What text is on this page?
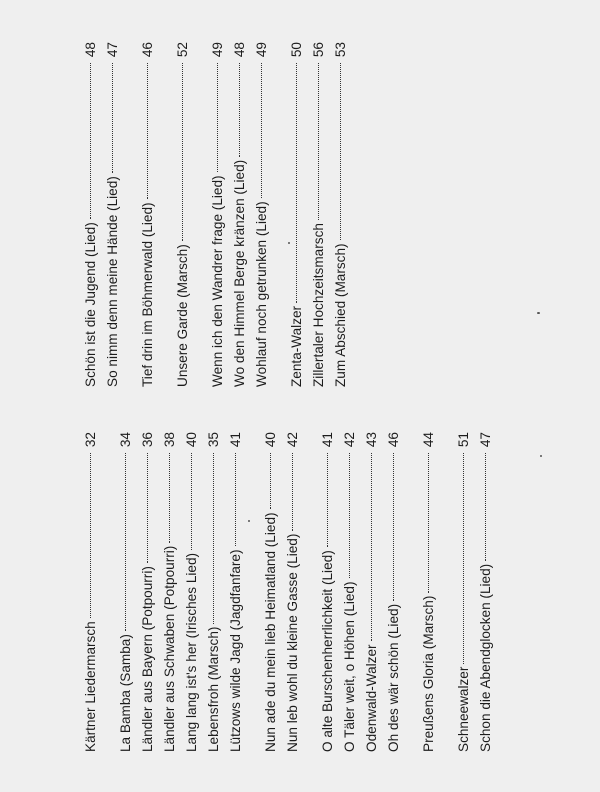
Kärtner Liedermarsch
32
La Bamba (Samba)
34
Ländler aus Bayern (Potpourri)
36
Ländler aus Schwaben (Potpourri)
38
Lang lang ist's her (Irisches Lied)
40
Lebensfroh (Marsch)
35
Lützows wilde Jagd (Jagdfanfare)
41
Nun ade du mein lieb Heimatland (Lied)
40
Nun leb wohl du kleine Gasse (Lied)
42
O alte Burschenherrlichkeit (Lied)
41
O Täler weit, o Höhen (Lied)
42
Odenwald-Walzer
43
Oh des wär schön (Lied)
46
Preußens Gloria (Marsch)
44
Schneewalzer
51
Schon die Abendglocken (Lied)
47
Schön ist die Jugend (Lied)
48
So nimm denn meine Hände (Lied)
47
Tief drin im Böhmerwald (Lied)
46
Unsere Garde (Marsch)
52
Wenn ich den Wandrer frage (Lied)
49
Wo den Himmel Berge kränzen (Lied)
48
Wohlauf noch getrunken (Lied)
49
Zenta-Walzer
50
Zillertaler Hochzeitsmarsch
56
Zum Abschied (Marsch)
53
